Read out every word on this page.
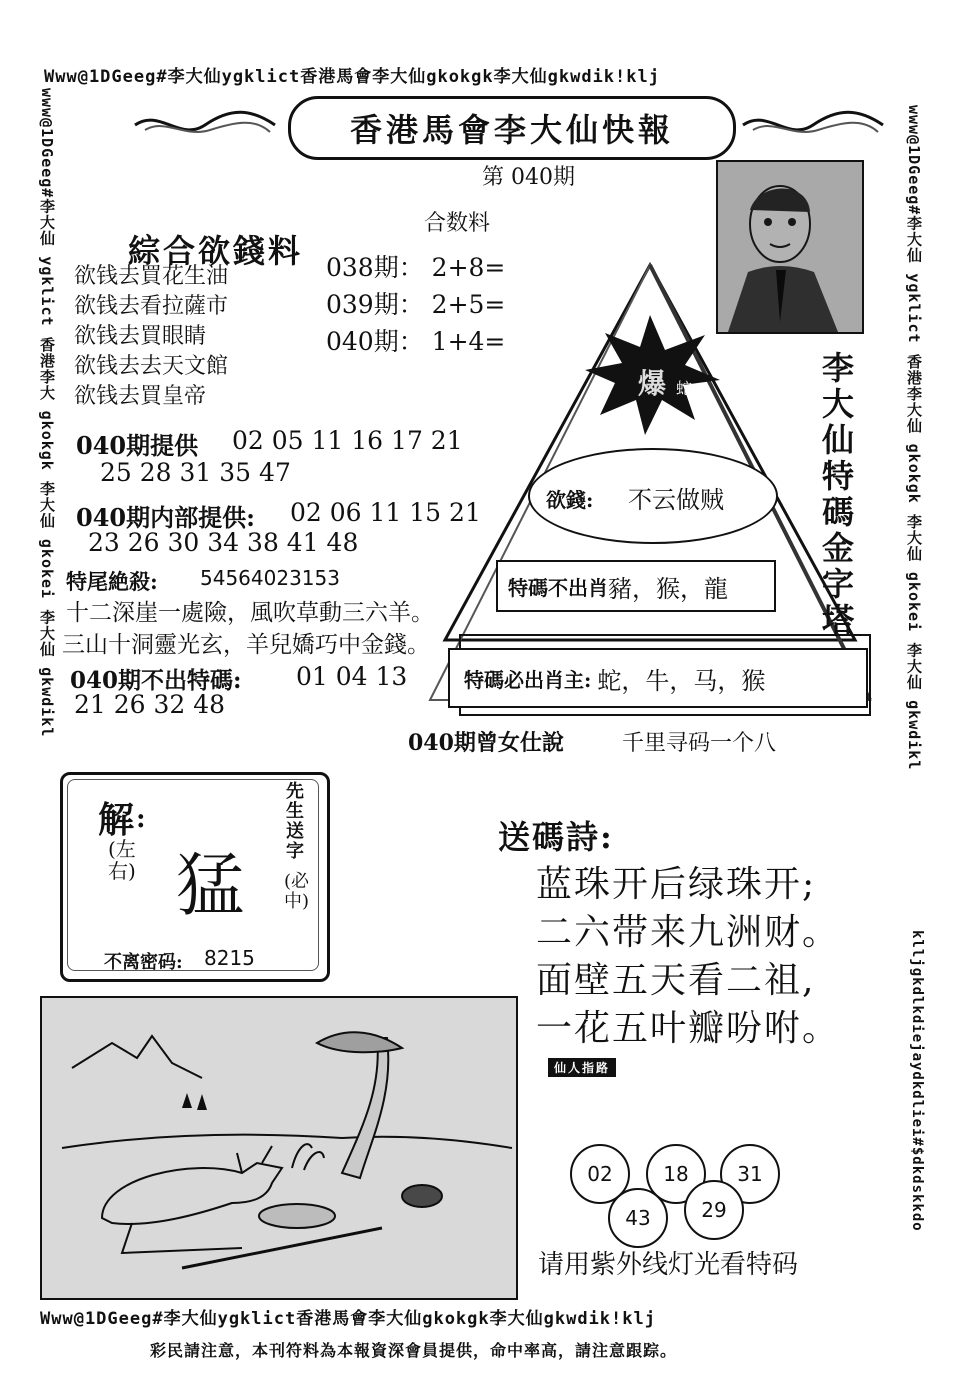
Www@1DGeeg#李大仙ygklict香港馬會李大仙gkokgk李大仙gkwdik!klj
www@1DGeeg#李大仙 ygklict 香港李大 gkokgk 李大仙 gkokei 李大仙 gkwdikl	www@1DGeeg#李大仙 ygklict 香港李大仙 gkokgk 李大仙 gkokei 李大仙 gkwdikl
klljgkdlkdiejaydkdliei#$dkdskkdo
香港馬會李大仙快報
第 040期
合数料
038期： 2+8=
039期： 2+5=
040期： 1+4=
綜合欲錢料
欲钱去買花生油
欲钱去看拉薩市
欲钱去買眼睛
欲钱去去天文館
欲钱去買皇帝
040期提供 02 05 11 16 17 21
25 28 31 35 47
040期内部提供: 02 06 11 15 21
23 26 30 34 38 41 48
特尾絶殺: 54564023153
十二深崖一處險，風吹草動三六羊。
三山十洞靈光玄，羊兒嬌巧中金錢。
040期不出特碼: 01 04 13
21 26 32 48
爆 蛇
李大仙特碼金字塔
欲錢: 不云做贼
特碼不出肖 豬，猴，龍
特碼必出肖主: 蛇，牛，马，猴
040期曾女仕說	千里寻码一个八
解 :
(左右) 猛
先生送字
(必中)
不离密码: 8215
送碼詩:
蓝珠开后绿珠开;
二六带来九洲财。
面壁五天看二祖,
一花五叶瓣吩咐。
仙人指路
02	18	31
43	29
请用紫外线灯光看特码
Www@1DGeeg#李大仙ygklict香港馬會李大仙gkokgk李大仙gkwdik!klj
彩民請注意，本刊符料為本報資深會員提供，命中率高，請注意跟踪。
